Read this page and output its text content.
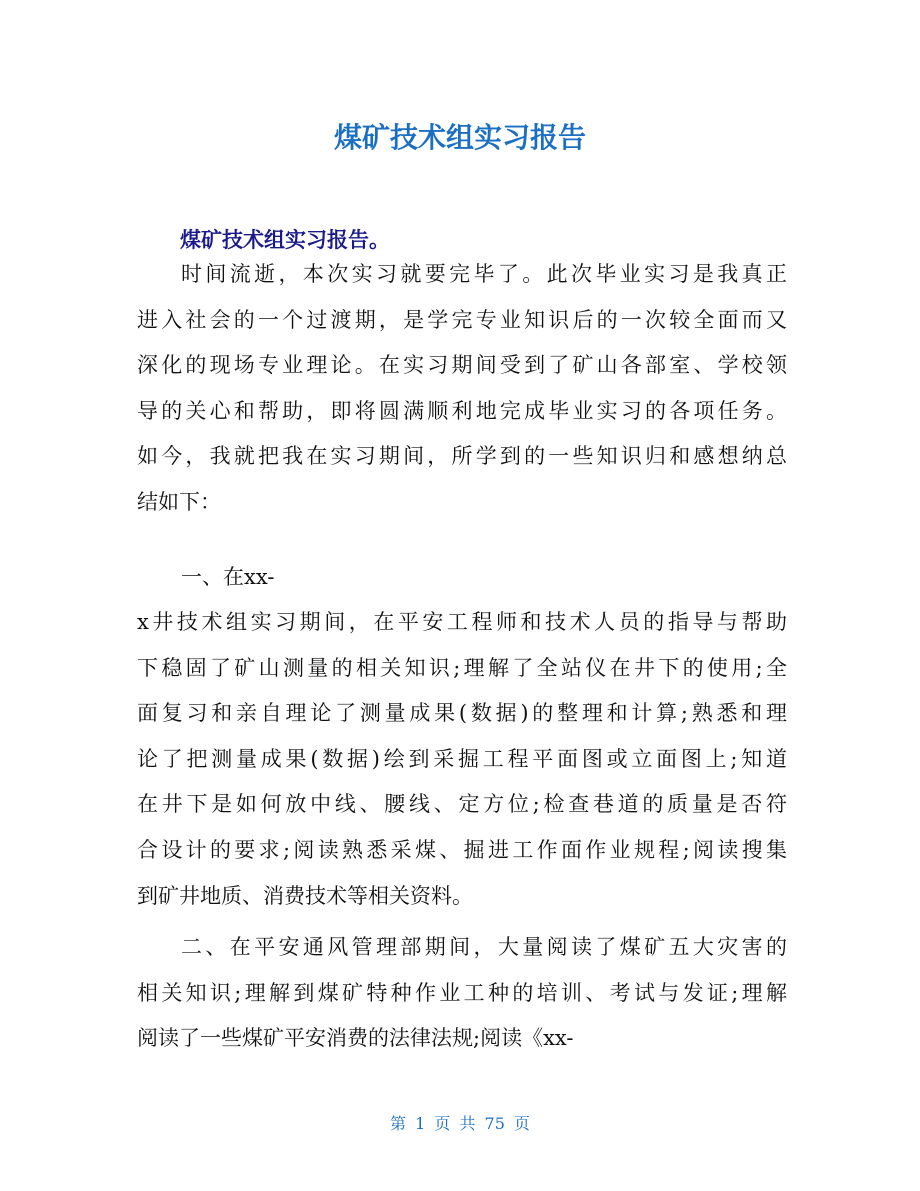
煤矿技术组实习报告
煤矿技术组实习报告。

时间流逝，本次实习就要完毕了。此次毕业实习是我真正
进入社会的一个过渡期，是学完专业知识后的一次较全面而又
深化的现场专业理论。在实习期间受到了矿山各部室、学校领
导的关心和帮助，即将圆满顺利地完成毕业实习的各项任务。
如今，我就把我在实习期间，所学到的一些知识归和感想纳总
结如下：

一、在xx-

x井技术组实习期间，在平安工程师和技术人员的指导与帮助
下稳固了矿山测量的相关知识;理解了全站仪在井下的使用;全
面复习和亲自理论了测量成果(数据)的整理和计算;熟悉和理
论了把测量成果(数据)绘到采掘工程平面图或立面图上;知道
在井下是如何放中线、腰线、定方位;检查巷道的质量是否符
合设计的要求;阅读熟悉采煤、掘进工作面作业规程;阅读搜集
到矿井地质、消费技术等相关资料。

二、在平安通风管理部期间，大量阅读了煤矿五大灾害的
相关知识;理解到煤矿特种作业工种的培训、考试与发证;理解
阅读了一些煤矿平安消费的法律法规;阅读《xx-

第 1 页 共 75 页
